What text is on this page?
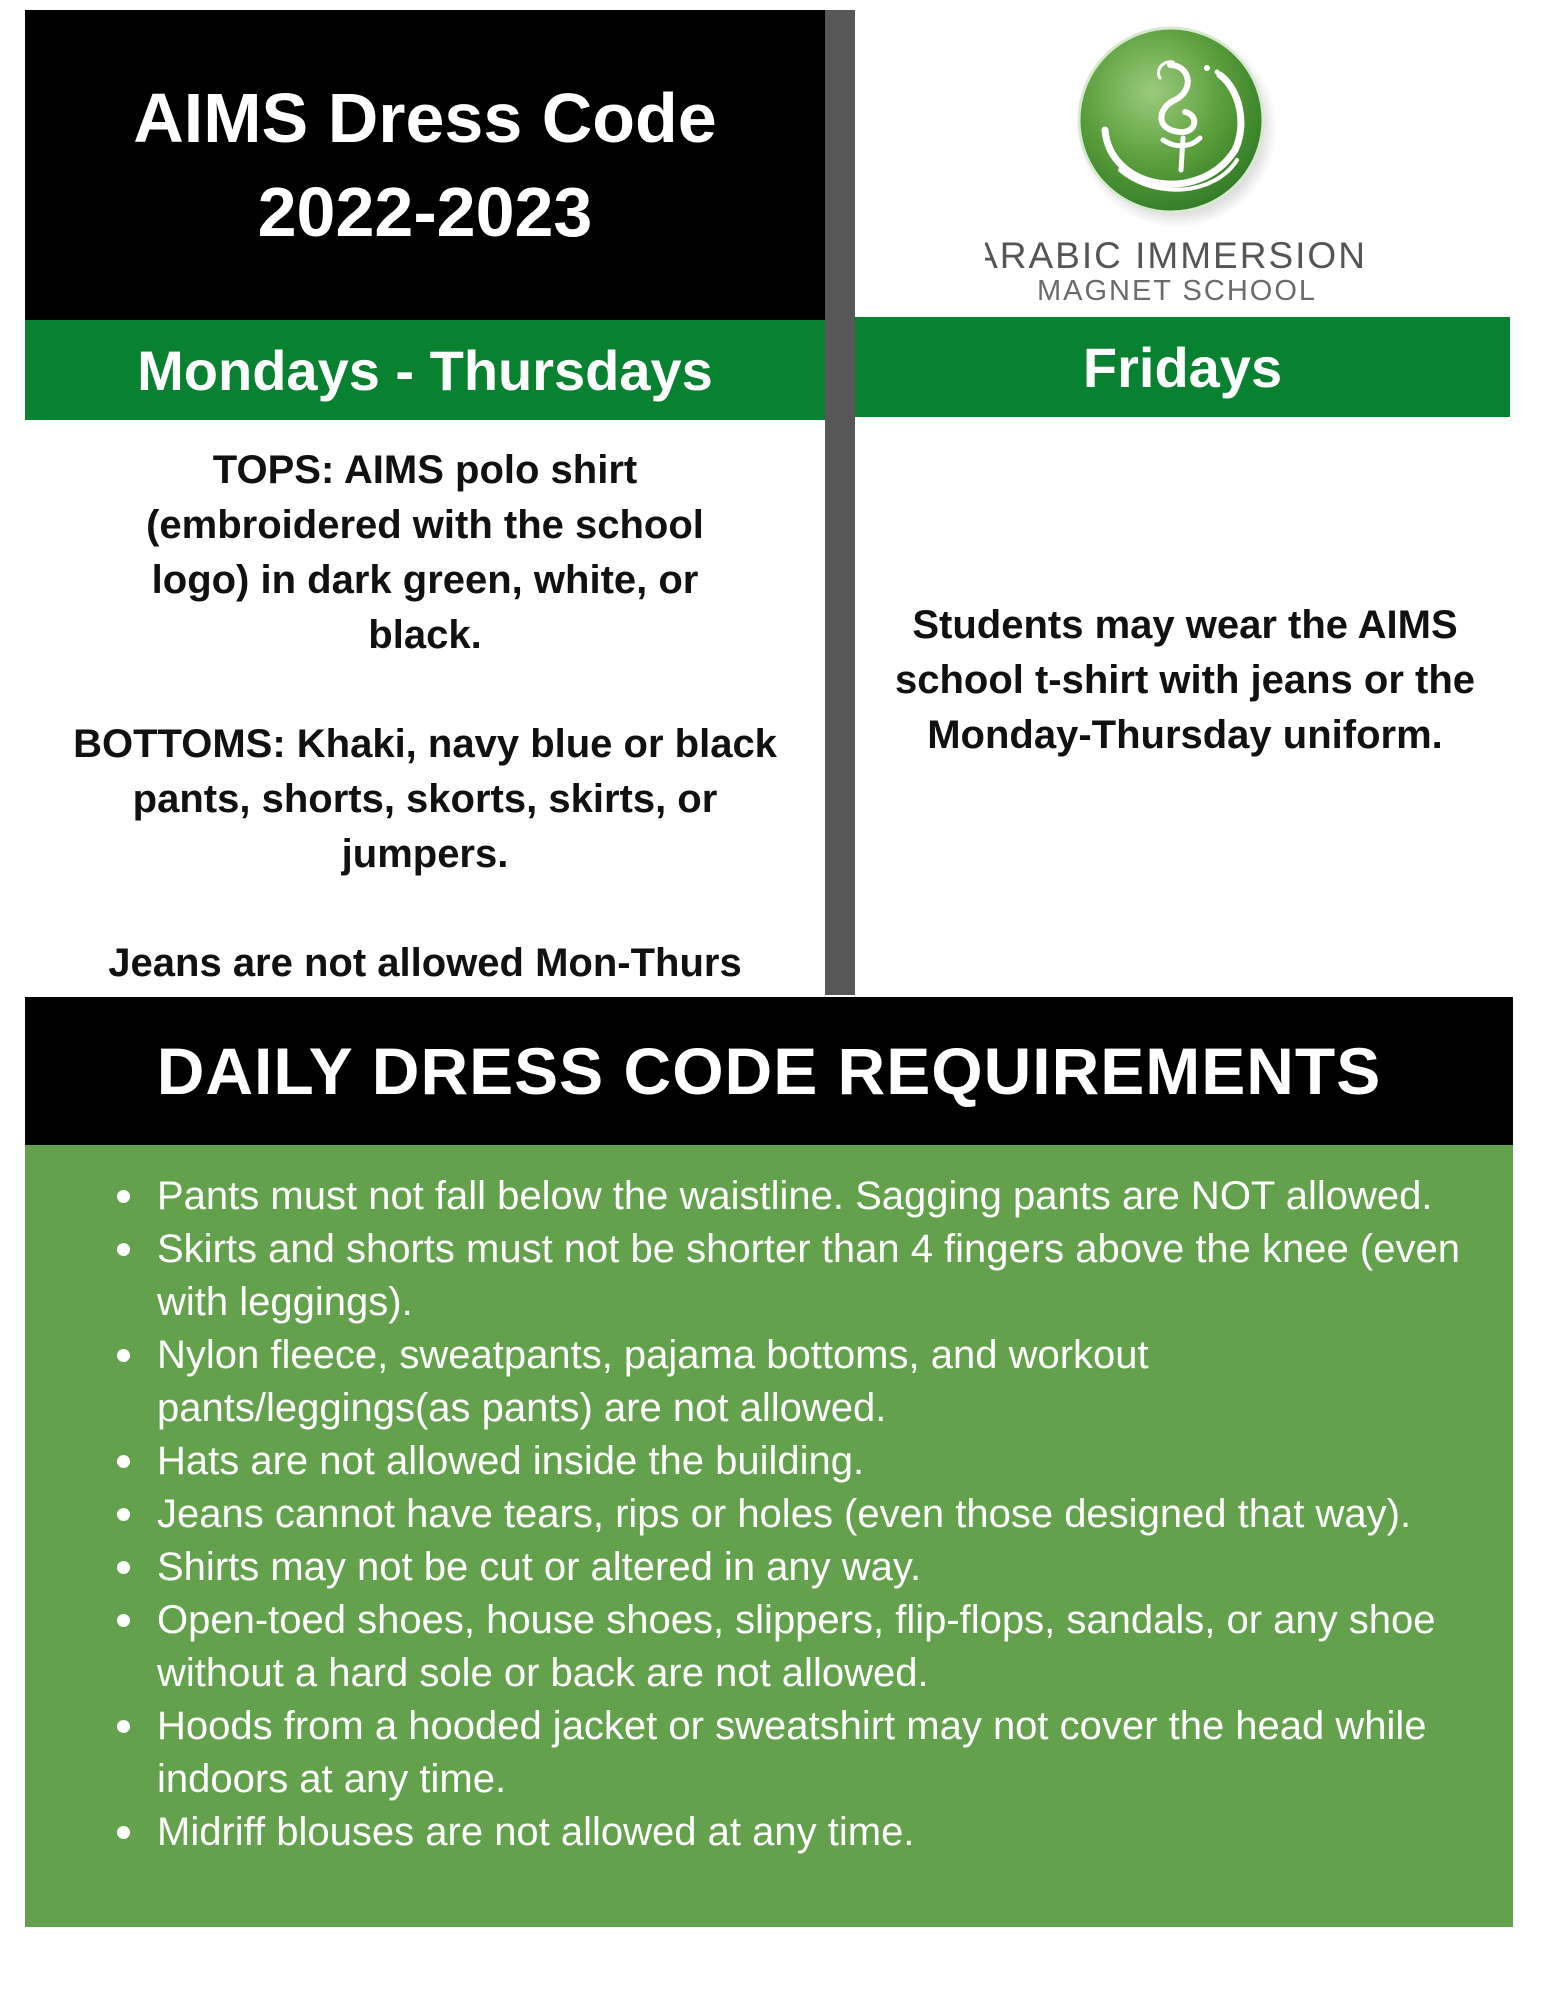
AIMS Dress Code
2022-2023
ARABIC IMMERSION
MAGNET SCHOOL
Mondays - Thursdays	Fridays

TOPS: AIMS polo shirt (embroidered with the school logo) in dark green, white, or black.

BOTTOMS: Khaki, navy blue or black pants, shorts, skorts, skirts, or jumpers.

Jeans are not allowed Mon-Thurs

Students may wear the AIMS school t-shirt with jeans or the Monday-Thursday uniform.

DAILY DRESS CODE REQUIREMENTS
Pants must not fall below the waistline. Sagging pants are NOT allowed.
Skirts and shorts must not be shorter than 4 fingers above the knee (even with leggings).
Nylon fleece, sweatpants, pajama bottoms, and workout pants/leggings(as pants) are not allowed.
Hats are not allowed inside the building.
Jeans cannot have tears, rips or holes (even those designed that way).
Shirts may not be cut or altered in any way.
Open-toed shoes, house shoes, slippers, flip-flops, sandals, or any shoe without a hard sole or back are not allowed.
Hoods from a hooded jacket or sweatshirt may not cover the head while indoors at any time.
Midriff blouses are not allowed at any time.
